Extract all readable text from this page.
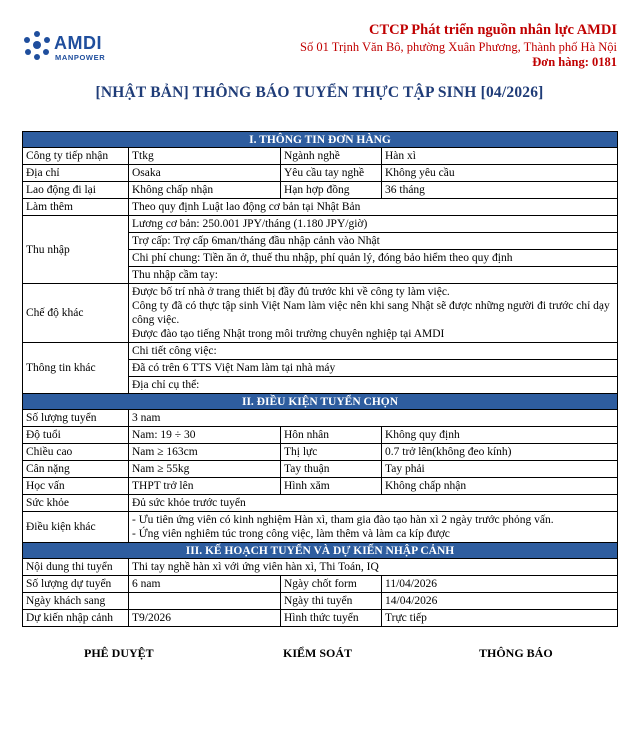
AMDI
MANPOWER
CTCP Phát triển nguồn nhân lực AMDI
Số 01 Trịnh Văn Bô, phường Xuân Phương, Thành phố Hà Nội
Đơn hàng: 0181
[NHẬT BẢN] THÔNG BÁO TUYỂN THỰC TẬP SINH [04/2026]
I. THÔNG TIN ĐƠN HÀNG			
Công ty tiếp nhận	Ttkg	Ngành nghề	Hàn xì
Địa chỉ	Osaka	Yêu cầu tay nghề	Không yêu cầu
Lao động đi lại	Không chấp nhận	Hạn hợp đồng	36 tháng
Làm thêm	Theo quy định Luật lao động cơ bản tại Nhật Bản		
Thu nhập	Lương cơ bản: 250.001 JPY/tháng (1.180 JPY/giờ)		
	Trợ cấp: Trợ cấp 6man/tháng đầu nhập cảnh vào Nhật		
	Chi phí chung: Tiền ăn ở, thuế thu nhập, phí quản lý, đóng bảo hiểm theo quy định		
	Thu nhập cầm tay:		
Chế độ khác	Được bố trí nhà ở trang thiết bị đầy đủ trước khi về công ty làm việc.
Công ty đã có thực tập sinh Việt Nam làm việc nên khi sang Nhật sẽ được những người đi trước chỉ dạy công việc.
Được đào tạo tiếng Nhật trong môi trường chuyên nghiệp tại AMDI		

Thông tin khác	Chi tiết công việc:		
	Đã có trên 6 TTS Việt Nam làm tại nhà máy		
	Địa chỉ cụ thể:		
II. ĐIỀU KIỆN TUYỂN CHỌN			
Số lượng tuyển	3 nam		
Độ tuổi	Nam: 19 ÷ 30	Hôn nhân	Không quy định
Chiều cao	Nam ≥ 163cm	Thị lực	0.7 trở lên(không đeo kính)
Cân nặng	Nam ≥ 55kg	Tay thuận	Tay phải
Học vấn	THPT trở lên	Hình xăm	Không chấp nhận
Sức khỏe	Đủ sức khỏe trước tuyển		
Điều kiện khác	- Ưu tiên ứng viên có kinh nghiệm Hàn xì, tham gia đào tạo hàn xì 2 ngày trước phỏng vấn.
- Ứng viên nghiêm túc trong công việc, làm thêm và làm ca kíp được		

III. KẾ HOẠCH TUYỂN VÀ DỰ KIẾN NHẬP CẢNH			
Nội dung thi tuyển	Thi tay nghề hàn xì với ứng viên hàn xì, Thi Toán, IQ		
Số lượng dự tuyển	6 nam	Ngày chốt form	11/04/2026
Ngày khách sang		Ngày thi tuyển	14/04/2026
Dự kiến nhập cảnh	T9/2026	Hình thức tuyển	Trực tiếp
PHÊ DUYỆT	KIỂM SOÁT	THÔNG BÁO
